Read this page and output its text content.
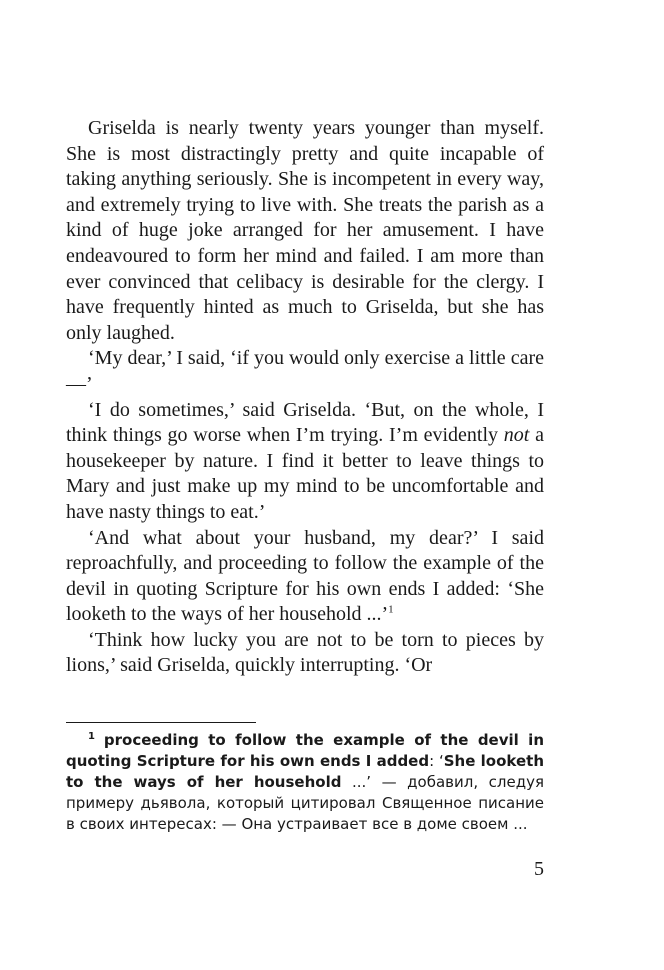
Griselda is nearly twenty years younger than myself. She is most distractingly pretty and quite incapable of taking anything seriously. She is incompetent in every way, and extremely trying to live with. She treats the parish as a kind of huge joke arranged for her amusement. I have endeavoured to form her mind and failed. I am more than ever convinced that celibacy is desirable for the clergy. I have frequently hinted as much to Griselda, but she has only laughed.

‘My dear,’ I said, ‘if you would only exercise a little care —’

‘I do sometimes,’ said Griselda. ‘But, on the whole, I think things go worse when I’m trying. I’m evidently not a housekeeper by nature. I find it better to leave things to Mary and just make up my mind to be uncomfortable and have nasty things to eat.’

‘And what about your husband, my dear?’ I said reproachfully, and proceeding to follow the example of the devil in quoting Scripture for his own ends I added: ‘She looketh to the ways of her household ...’$^1$

‘Think how lucky you are not to be torn to pieces by lions,’ said Griselda, quickly interrupting. ‘Or

$^1$ proceeding to follow the example of the devil in quoting Scripture for his own ends I added: ‘She looketh to the ways of her household ...’ — добавил, следуя примеру дьявола, который цитировал Священное писание в своих интересах: — Она устраивает все в доме своем ...

5
